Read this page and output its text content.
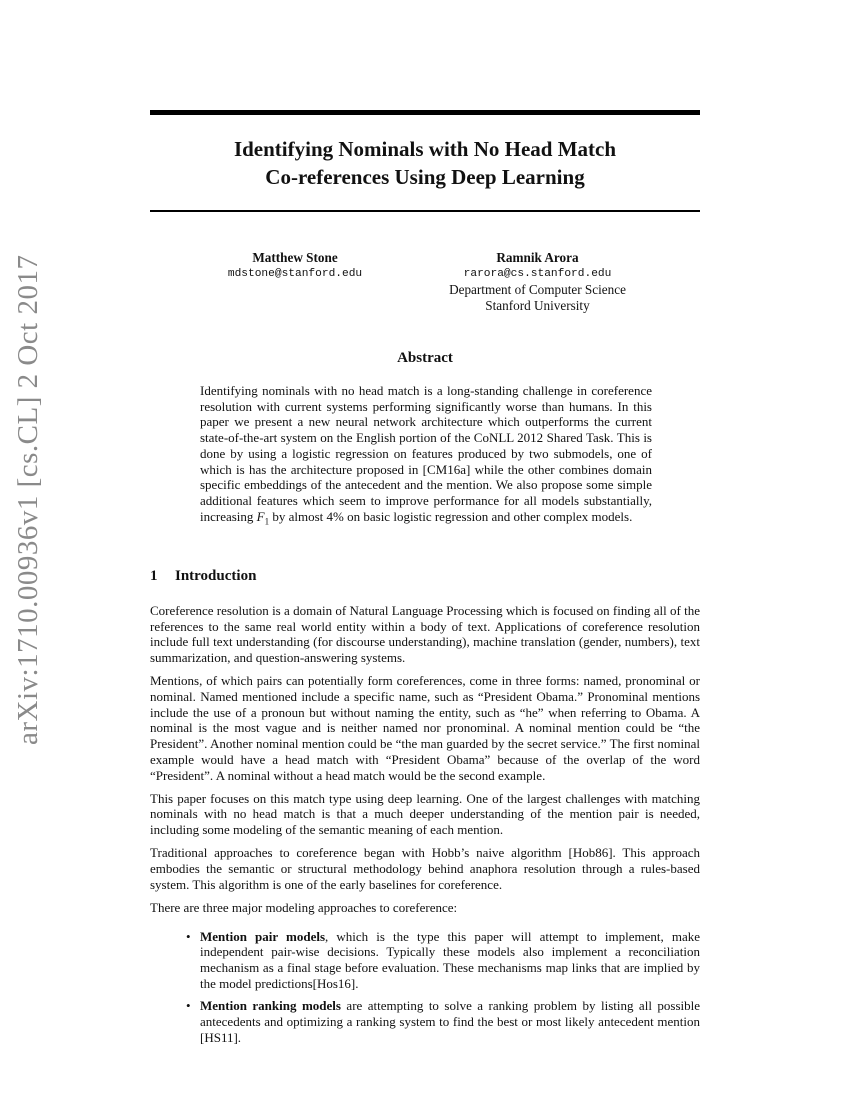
arXiv:1710.00936v1 [cs.CL] 2 Oct 2017
Identifying Nominals with No Head Match
Co-references Using Deep Learning
Matthew Stone
mdstone@stanford.edu
Ramnik Arora
rarora@cs.stanford.edu
Department of Computer Science
Stanford University
Abstract
Identifying nominals with no head match is a long-standing challenge in coreference resolution with current systems performing significantly worse than humans. In this paper we present a new neural network architecture which outperforms the current state-of-the-art system on the English portion of the CoNLL 2012 Shared Task. This is done by using a logistic regression on features produced by two submodels, one of which is has the architecture proposed in [CM16a] while the other combines domain specific embeddings of the antecedent and the mention. We also propose some simple additional features which seem to improve performance for all models substantially, increasing $F_1$ by almost 4% on basic logistic regression and other complex models.
1 Introduction

Coreference resolution is a domain of Natural Language Processing which is focused on finding all of the references to the same real world entity within a body of text. Applications of coreference resolution include full text understanding (for discourse understanding), machine translation (gender, numbers), text summarization, and question-answering systems.

Mentions, of which pairs can potentially form coreferences, come in three forms: named, pronominal or nominal. Named mentioned include a specific name, such as “President Obama.” Pronominal mentions include the use of a pronoun but without naming the entity, such as “he” when referring to Obama. A nominal is the most vague and is neither named nor pronominal. A nominal mention could be “the President”. Another nominal mention could be “the man guarded by the secret service.” The first nominal example would have a head match with “President Obama” because of the overlap of the word “President”. A nominal without a head match would be the second example.

This paper focuses on this match type using deep learning. One of the largest challenges with matching nominals with no head match is that a much deeper understanding of the mention pair is needed, including some modeling of the semantic meaning of each mention.

Traditional approaches to coreference began with Hobb’s naive algorithm [Hob86]. This approach embodies the semantic or structural methodology behind anaphora resolution through a rules-based system. This algorithm is one of the early baselines for coreference.

There are three major modeling approaches to coreference:

• Mention pair models, which is the type this paper will attempt to implement, make independent pair-wise decisions. Typically these models also implement a reconciliation mechanism as a final stage before evaluation. These mechanisms map links that are implied by the model predictions[Hos16].
• Mention ranking models are attempting to solve a ranking problem by listing all possible antecedents and optimizing a ranking system to find the best or most likely antecedent mention [HS11].
